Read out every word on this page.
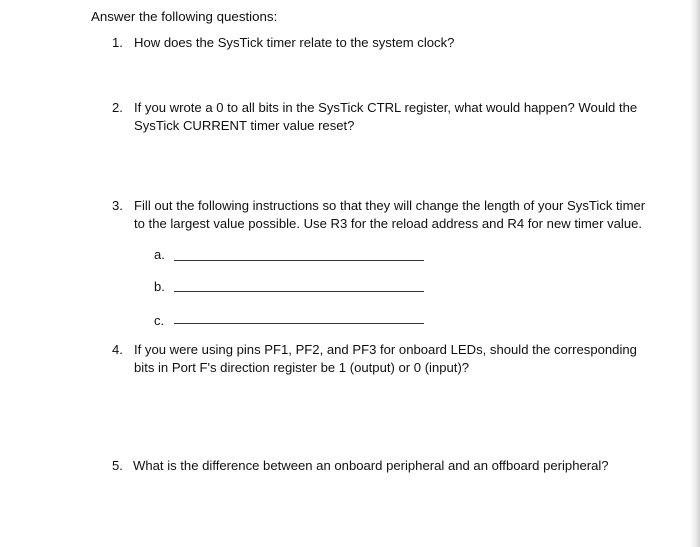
Answer the following questions:
1. How does the SysTick timer relate to the system clock?
2. If you wrote a 0 to all bits in the SysTick CTRL register, what would happen? Would the
SysTick CURRENT timer value reset?
3. Fill out the following instructions so that they will change the length of your SysTick timer
to the largest value possible. Use R3 for the reload address and R4 for new timer value.
a.
b.
c.
4. If you were using pins PF1, PF2, and PF3 for onboard LEDs, should the corresponding
bits in Port F's direction register be 1 (output) or 0 (input)?
5. What is the difference between an onboard peripheral and an offboard peripheral?
